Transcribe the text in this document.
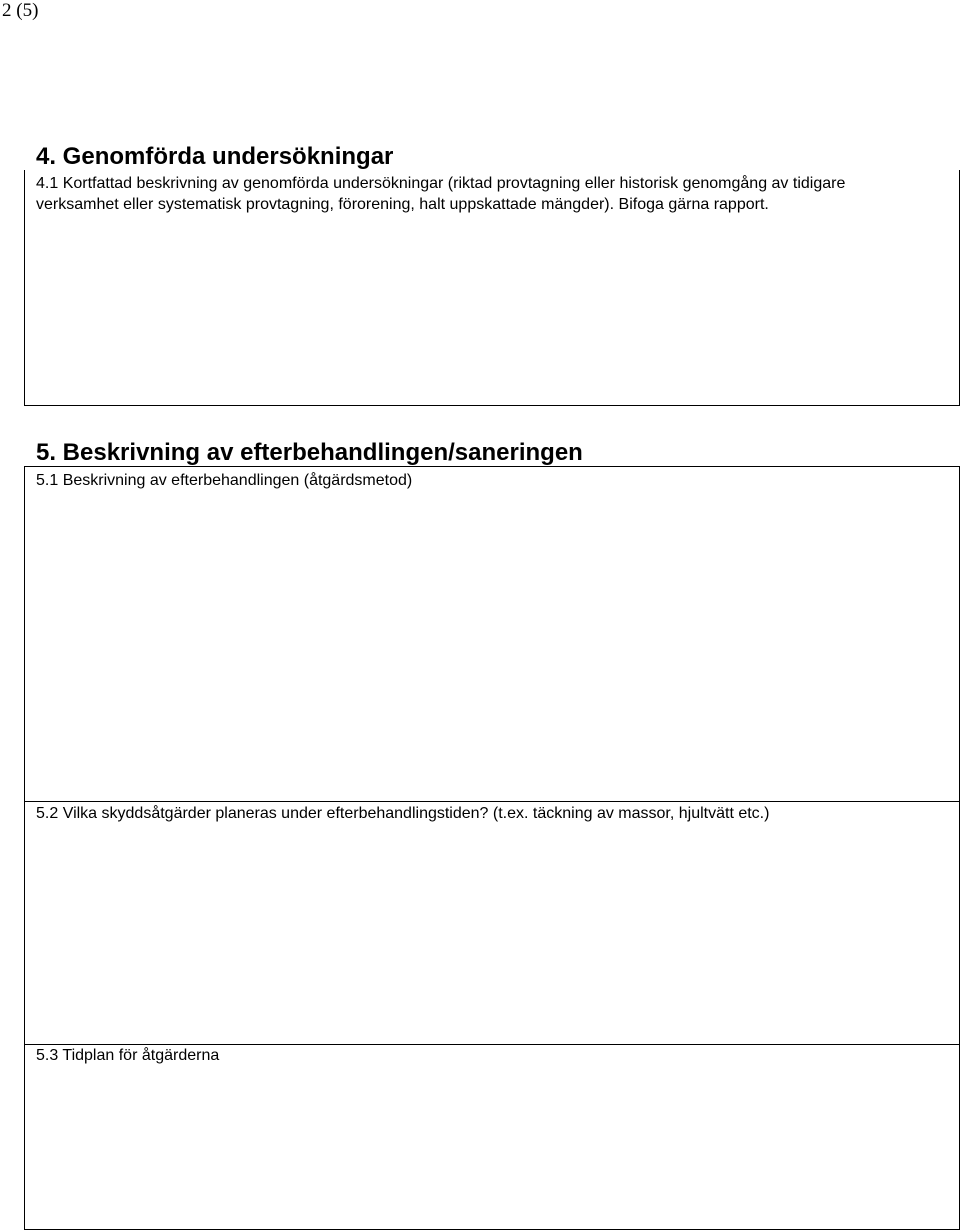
2 (5)
4. Genomförda undersökningar
4.1 Kortfattad beskrivning av genomförda undersökningar (riktad provtagning eller historisk genomgång av tidigare
verksamhet eller systematisk provtagning, förorening, halt uppskattade mängder). Bifoga gärna rapport.
5. Beskrivning av efterbehandlingen/saneringen
5.1 Beskrivning av efterbehandlingen (åtgärdsmetod)
5.2 Vilka skyddsåtgärder planeras under efterbehandlingstiden? (t.ex. täckning av massor, hjultvätt etc.)
5.3 Tidplan för åtgärderna
